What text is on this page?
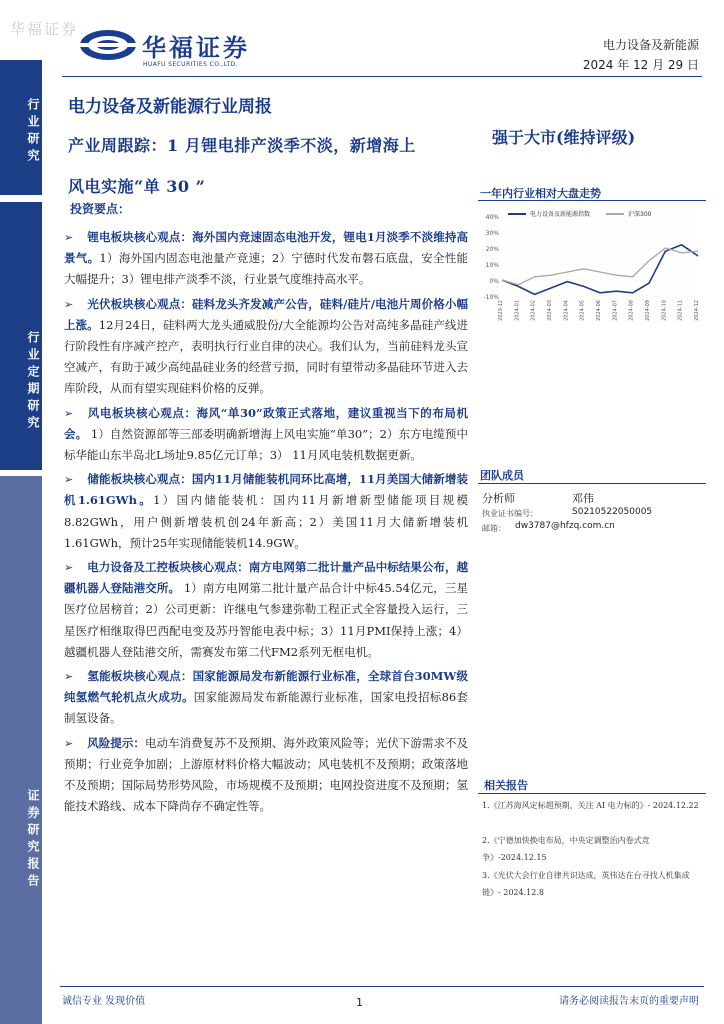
华福证券
华福证券
HUAFU SECURITIES CO.,LTD.
电力设备及新能源
2024 年 12 月 29 日
行业研究
行业定期研究
证券研究报告
电力设备及新能源行业周报
产业周跟踪：1 月锂电排产淡季不淡，新增海上
风电实施“单 30 ”
强于大市(维持评级)
一年内行业相对大盘走势
40%
30%
20%
10%
0%
-10%
2023-12 2024-01 2024-02 2024-03 2024-04 2024-05 2024-06 2024-07 2024-08 2024-09 2024-10 2024-11 2024-12
电力设备及新能源指数	沪深300
投资要点：
➢ 锂电板块核心观点：海外国内竞速固态电池开发，锂电1月淡季不淡维持高景气。1）海外国内固态电池量产竞速；2）宁德时代发布磐石底盘，安全性能大幅提升；3）锂电排产淡季不淡，行业景气度维持高水平。
➢ 光伏板块核心观点：硅料龙头齐发减产公告，硅料/硅片/电池片周价格小幅上涨。12月24日，硅料两大龙头通威股份/大全能源均公告对高纯多晶硅产线进行阶段性有序减产控产，表明执行行业自律的决心。我们认为，当前硅料龙头宣空减产，有助于减少高纯晶硅业务的经营亏损，同时有望带动多晶硅环节进入去库阶段，从而有望实现硅料价格的反弹。
➢ 风电板块核心观点：海风“单30”政策正式落地，建议重视当下的布局机会。 1）自然资源部等三部委明确新增海上风电实施“单30”；2）东方电缆预中标华能山东半岛北L场址9.85亿元订单；3） 11月风电装机数据更新。
➢ 储能板块核心观点：国内11月储能装机同环比高增，11月美国大储新增装机1.61GWh。1）国内储能装机：国内11月新增新型储能项目规模8.82GWh，用户侧新增装机创24年新高；2）美国11月大储新增装机1.61GWh，预计25年实现储能装机14.9GW。
➢ 电力设备及工控板块核心观点：南方电网第二批计量产品中标结果公布，越疆机器人登陆港交所。 1）南方电网第二批计量产品合计中标45.54亿元，三星医疗位居榜首；2）公司更新：许继电气参建弥勒工程正式全容量投入运行，三星医疗相继取得巴西配电变及苏丹智能电表中标；3）11月PMI保持上涨；4）越疆机器人登陆港交所，需赛发布第二代FM2系列无框电机。
➢ 氢能板块核心观点：国家能源局发布新能源行业标准，全球首台30MW级纯氢燃气轮机点火成功。国家能源局发布新能源行业标准，国家电投招标86套制氢设备。
➢ 风险提示：电动车消费复苏不及预期、海外政策风险等；光伏下游需求不及预期；行业竞争加剧；上游原材料价格大幅波动；风电装机不及预期；政策落地不及预期；国际局势形势风险，市场规模不及预期；电网投资进度不及预期；氢能技术路线、成本下降尚存不确定性等。
团队成员
分析师	邓伟
执业证书编号：	S0210522050005
邮箱： dw3787@hfzq.com.cn
相关报告
1.《江苏海风定标超预期，关注 AI 电力标的》- 2024.12.22
2.《宁德加快换电布局，中央定调整治内卷式竞争》-2024.12.15
3.《光伏大会行业自律共识达成，英伟达在台寻找人机集成链》- 2024.12.8
诚信专业 发现价值	1	请务必阅读报告末页的重要声明
